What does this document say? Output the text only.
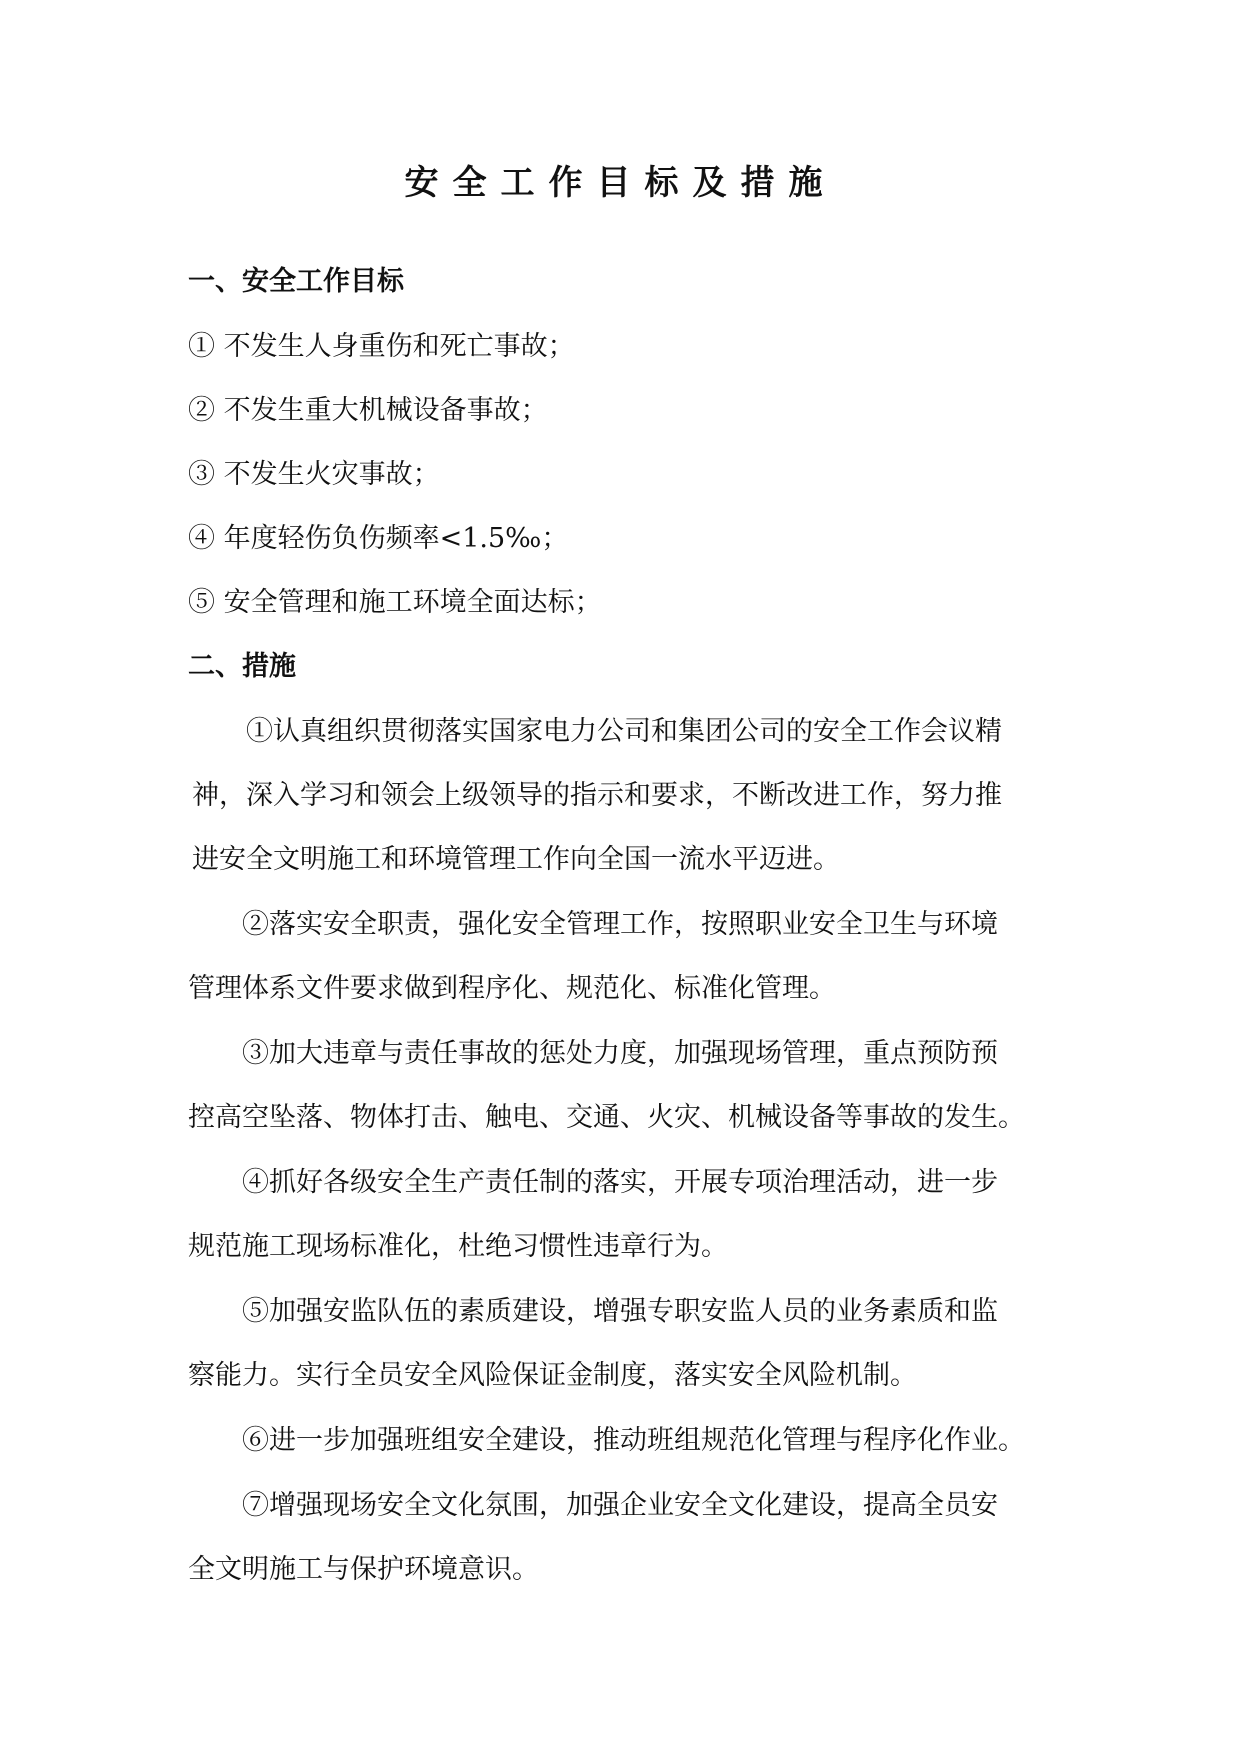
安全工作目标及措施
一、安全工作目标

① 不发生人身重伤和死亡事故；

② 不发生重大机械设备事故；

③ 不发生火灾事故；

④ 年度轻伤负伤频率<1.5‰；

⑤ 安全管理和施工环境全面达标；

二、措施

①认真组织贯彻落实国家电力公司和集团公司的安全工作会议精

神，深入学习和领会上级领导的指示和要求，不断改进工作，努力推

进安全文明施工和环境管理工作向全国一流水平迈进。

②落实安全职责，强化安全管理工作，按照职业安全卫生与环境

管理体系文件要求做到程序化、规范化、标准化管理。

③加大违章与责任事故的惩处力度，加强现场管理，重点预防预

控高空坠落、物体打击、触电、交通、火灾、机械设备等事故的发生。

④抓好各级安全生产责任制的落实，开展专项治理活动，进一步

规范施工现场标准化，杜绝习惯性违章行为。

⑤加强安监队伍的素质建设，增强专职安监人员的业务素质和监

察能力。实行全员安全风险保证金制度，落实安全风险机制。

⑥进一步加强班组安全建设，推动班组规范化管理与程序化作业。

⑦增强现场安全文化氛围，加强企业安全文化建设，提高全员安

全文明施工与保护环境意识。
